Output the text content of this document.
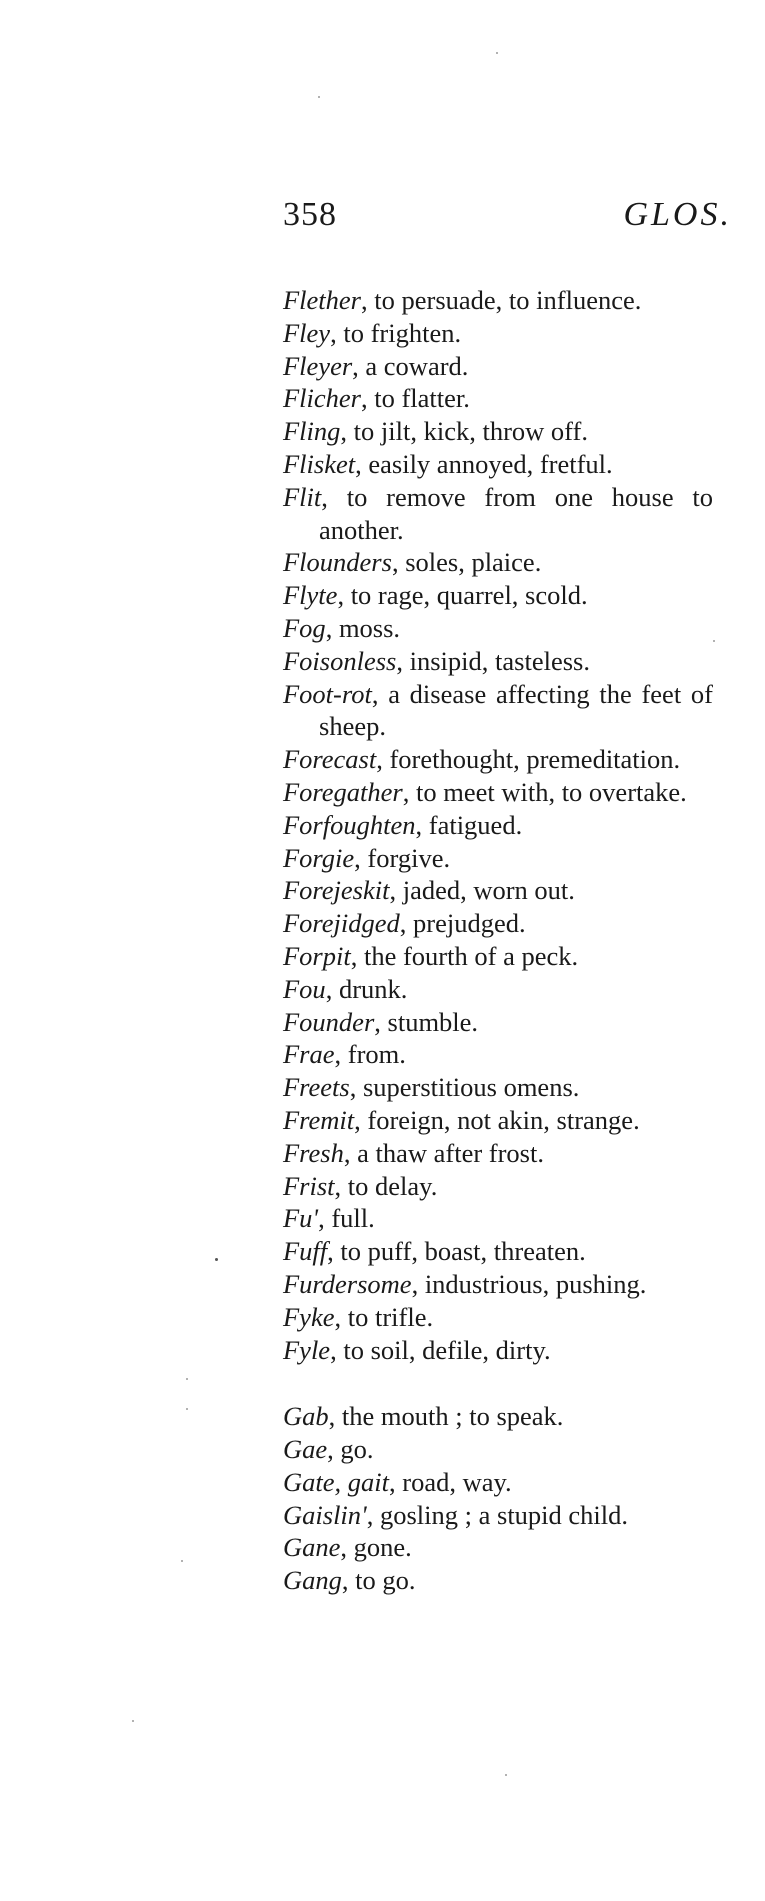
358	GLOS.

Flether, to persuade, to influence.

Fley, to frighten.

Fleyer, a coward.

Flicher, to flatter.

Fling, to jilt, kick, throw off.

Flisket, easily annoyed, fretful.

Flit, to remove from one house to another.

Flounders, soles, plaice.

Flyte, to rage, quarrel, scold.

Fog, moss.

Foisonless, insipid, tasteless.

Foot-rot, a disease affecting the feet of sheep.

Forecast, forethought, premeditation.

Foregather, to meet with, to overtake.

Forfoughten, fatigued.

Forgie, forgive.

Forejeskit, jaded, worn out.

Forejidged, prejudged.

Forpit, the fourth of a peck.

Fou, drunk.

Founder, stumble.

Frae, from.

Freets, superstitious omens.

Fremit, foreign, not akin, strange.

Fresh, a thaw after frost.

Frist, to delay.

Fu', full.

Fuff, to puff, boast, threaten.

Furdersome, industrious, pushing.

Fyke, to trifle.

Fyle, to soil, defile, dirty.

Gab, the mouth ; to speak.

Gae, go.

Gate, gait, road, way.

Gaislin', gosling ; a stupid child.

Gane, gone.

Gang, to go.
